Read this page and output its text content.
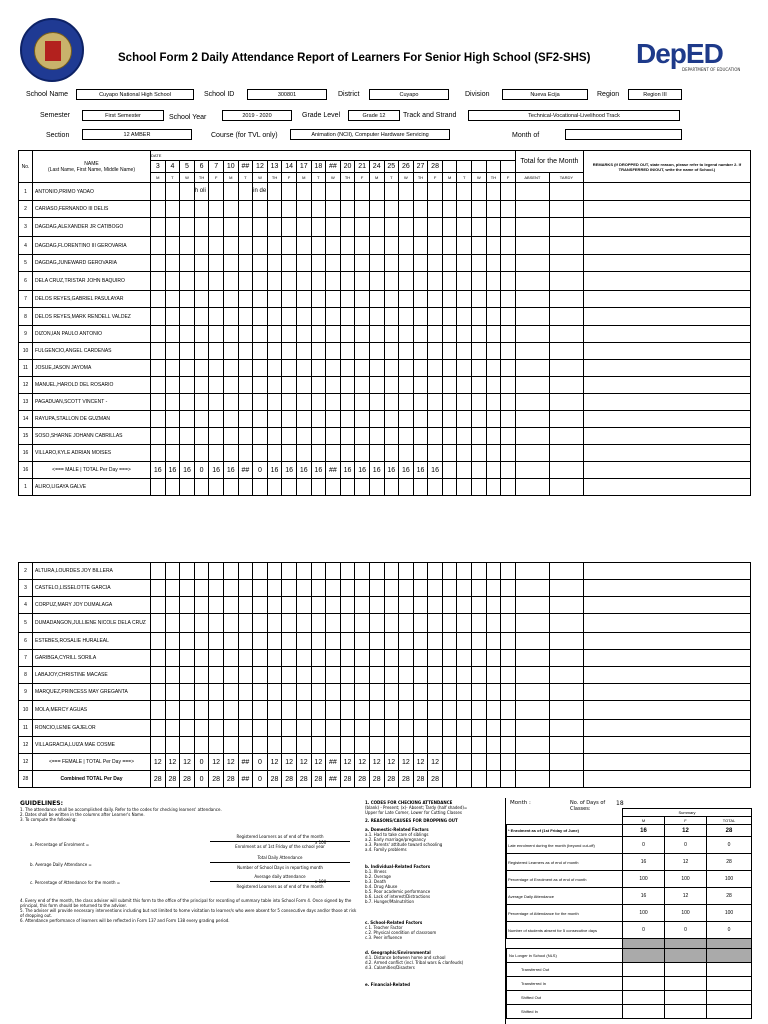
School Form 2 Daily Attendance Report of Learners For Senior High School (SF2-SHS) DepED
DEPARTMENT OF EDUCATION
School Name	Cuyapo National High School	School ID	300801	District	Cuyapo	Division	Nueva Ecija	Region	Region III
Semester	First Semester	School Year	2019 - 2020	Grade Level	Grade 12	Track and Strand	Technical-Vocational-Livelihood Track
Section	12 AMBER	Course (for TVL only)	Animation (NCII), Computer Hardware Servicing	Month of
No.	NAME
(Last Name, First Name, Middle Name)	DATE																									Total for the Month		REMARKS (If DROPPED OUT, state reason, please refer to legend number 2. If TRANSFERRED IN/OUT, write the name of School.)
		3	4	5	6	7	10	##	12	13	14	17	18	##	20	21	24	25	26	27	28								
		M	T	W	TH	F	M	T	W	TH	F	M	T	W	TH	F	M	T	W	TH	F	M	T	W	TH	F	ABSENT	TARDY	
1	ANTONIO,PRIMO YADAO				h oli				in de																				
2	CARIASO,FERNANDO III DELIS																												
3	DAGDAG,ALEXANDER JR CATIBOGO																												
4	DAGDAG,FLORENTINO III GEROVARIA																												
5	DAGDAG,JUNEWARD GEROVARIA																												
6	DELA CRUZ,TRISTAR JOHN BAQUIRO																												
7	DELOS REYES,GABRIEL PASULAYAR																												
8	DELOS REYES,MARK RENDELL VALDEZ																												
9	DIZON,IAN PAULO ANTONIO																												
10	FULGENCIO,ANGEL CARDENAS																												
11	JOSUE,JASON JAYOMA																												
12	MANUEL,HAROLD DEL ROSARIO																												
13	PAGADUAN,SCOTT VINCENT -																												
14	RAYUPA,STALLON DE GUZMAN																												
15	SOSO,SHARNE JOHANN CABRILLAS																												
16	VILLARO,KYLE ADRIAN MOISES																												
16	<=== MALE | TOTAL Per Day ===>	16	16	16	0	16	16	##	0	16	16	16	16	##	16	16	16	16	16	16	16								
1	ALIRO,LIGAYA GALVE																												
2	ALTURA,LOURDES JOY BILLERA																												
3	CASTELO,LISSELOTTE GARCIA																												
4	CORPUZ,MARY JOY DUMALAGA																												
5	DUMADANGON,JULLIENE NICOLE DELA CRUZ																												
6	ESTEBES,ROSALIE HURALEAL																												
7	GARIBGA,CYRILL SORILA																												
8	LABAJOY,CHRISTINE MACASE																												
9	MARQUEZ,PRINCESS MAY GREGANTA																												
10	MOLA,MERCY AGUAS																												
11	RONCIO,LENIE GAJELOR																												
12	VILLAGRACIA,LUIZA MAE COSME																												
12	<=== FEMALE | TOTAL Per Day ===>	12	12	12	0	12	12	##	0	12	12	12	12	##	12	12	12	12	12	12	12								
28	Combined TOTAL Per Day	28	28	28	0	28	28	##	0	28	28	28	28	##	28	28	28	28	28	28	28								
GUIDELINES:
1. The attendance shall be accomplished daily. Refer to the codes for checking learners' attendance.
2. Dates shall be written in the columns after Learner's Name.
3. To compute the following:
a. Percentage of Enrolment =
Registered Learners as of end of the month
Enrolment as of 1st Friday of the school year
x 100
b. Average Daily Attendance =
Total Daily Attendance
Number of School Days in reporting month
c. Percentage of Attendance for the month =
Average daily attendance
Registered Learners as of end of the month
x 100
4. Every end of the month, the class adviser will submit this form to the office of the principal for recording of summary table into School Form 4. Once signed by the principal, this form should be returned to the adviser.
5. The adviser will provide necessary interventions including but not limited to home visitation to learner/s who were absent for 5 consecutive days and/or those at risk of dropping out.
6. Attendance performance of learners will be reflected in Form 137 and Form 138 every grading period.
1. CODES FOR CHECKING ATTENDANCE
(blank) - Present; (x)- Absent; Tardy (half shaded)=
Upper for Late Comer, Lower for Cutting Classes
2. REASONS/CAUSES FOR DROPPING OUT
a. Domestic-Related Factors
a.1. Had to take care of siblings
a.2. Early marriage/pregnancy
a.3. Parents' attitude toward schooling
a.4. Family problems
b. Individual-Related Factors
b.1. Illness
b.2. Overage
b.3. Death
b.4. Drug Abuse
b.5. Poor academic performance
b.6. Lack of interest/Distractions
b.7. Hunger/Malnutrition
c. School-Related Factors
c.1. Teacher Factor
c.2. Physical condition of classroom
c.3. Peer influence
d. Geographic/Environmental
d.1. Distance between home and school
d.2. Armed conflict (incl. Tribal wars & clanfeuds)
d.3. Calamities/Disasters
e. Financial-Related
Month :	No. of Days of Classes:
18
	Summary		
	M	F	TOTAL
* Enrolment as of (1st Friday of June)	16	12	28
Late enrolment during the month (beyond cut-off)	0	0	0
Registered Learners as of end of month	16	12	28
Percentage of Enrolment as of end of month	100	100	100
Average Daily Attendance	16	12	28
Percentage of Attendance for the month	100	100	100
Number of students absent for 5 consecutive days	0	0	0

No Longer in School (NLS)			
Transferred Out			
Transferred In			
Shifted Out			
Shifted In			
